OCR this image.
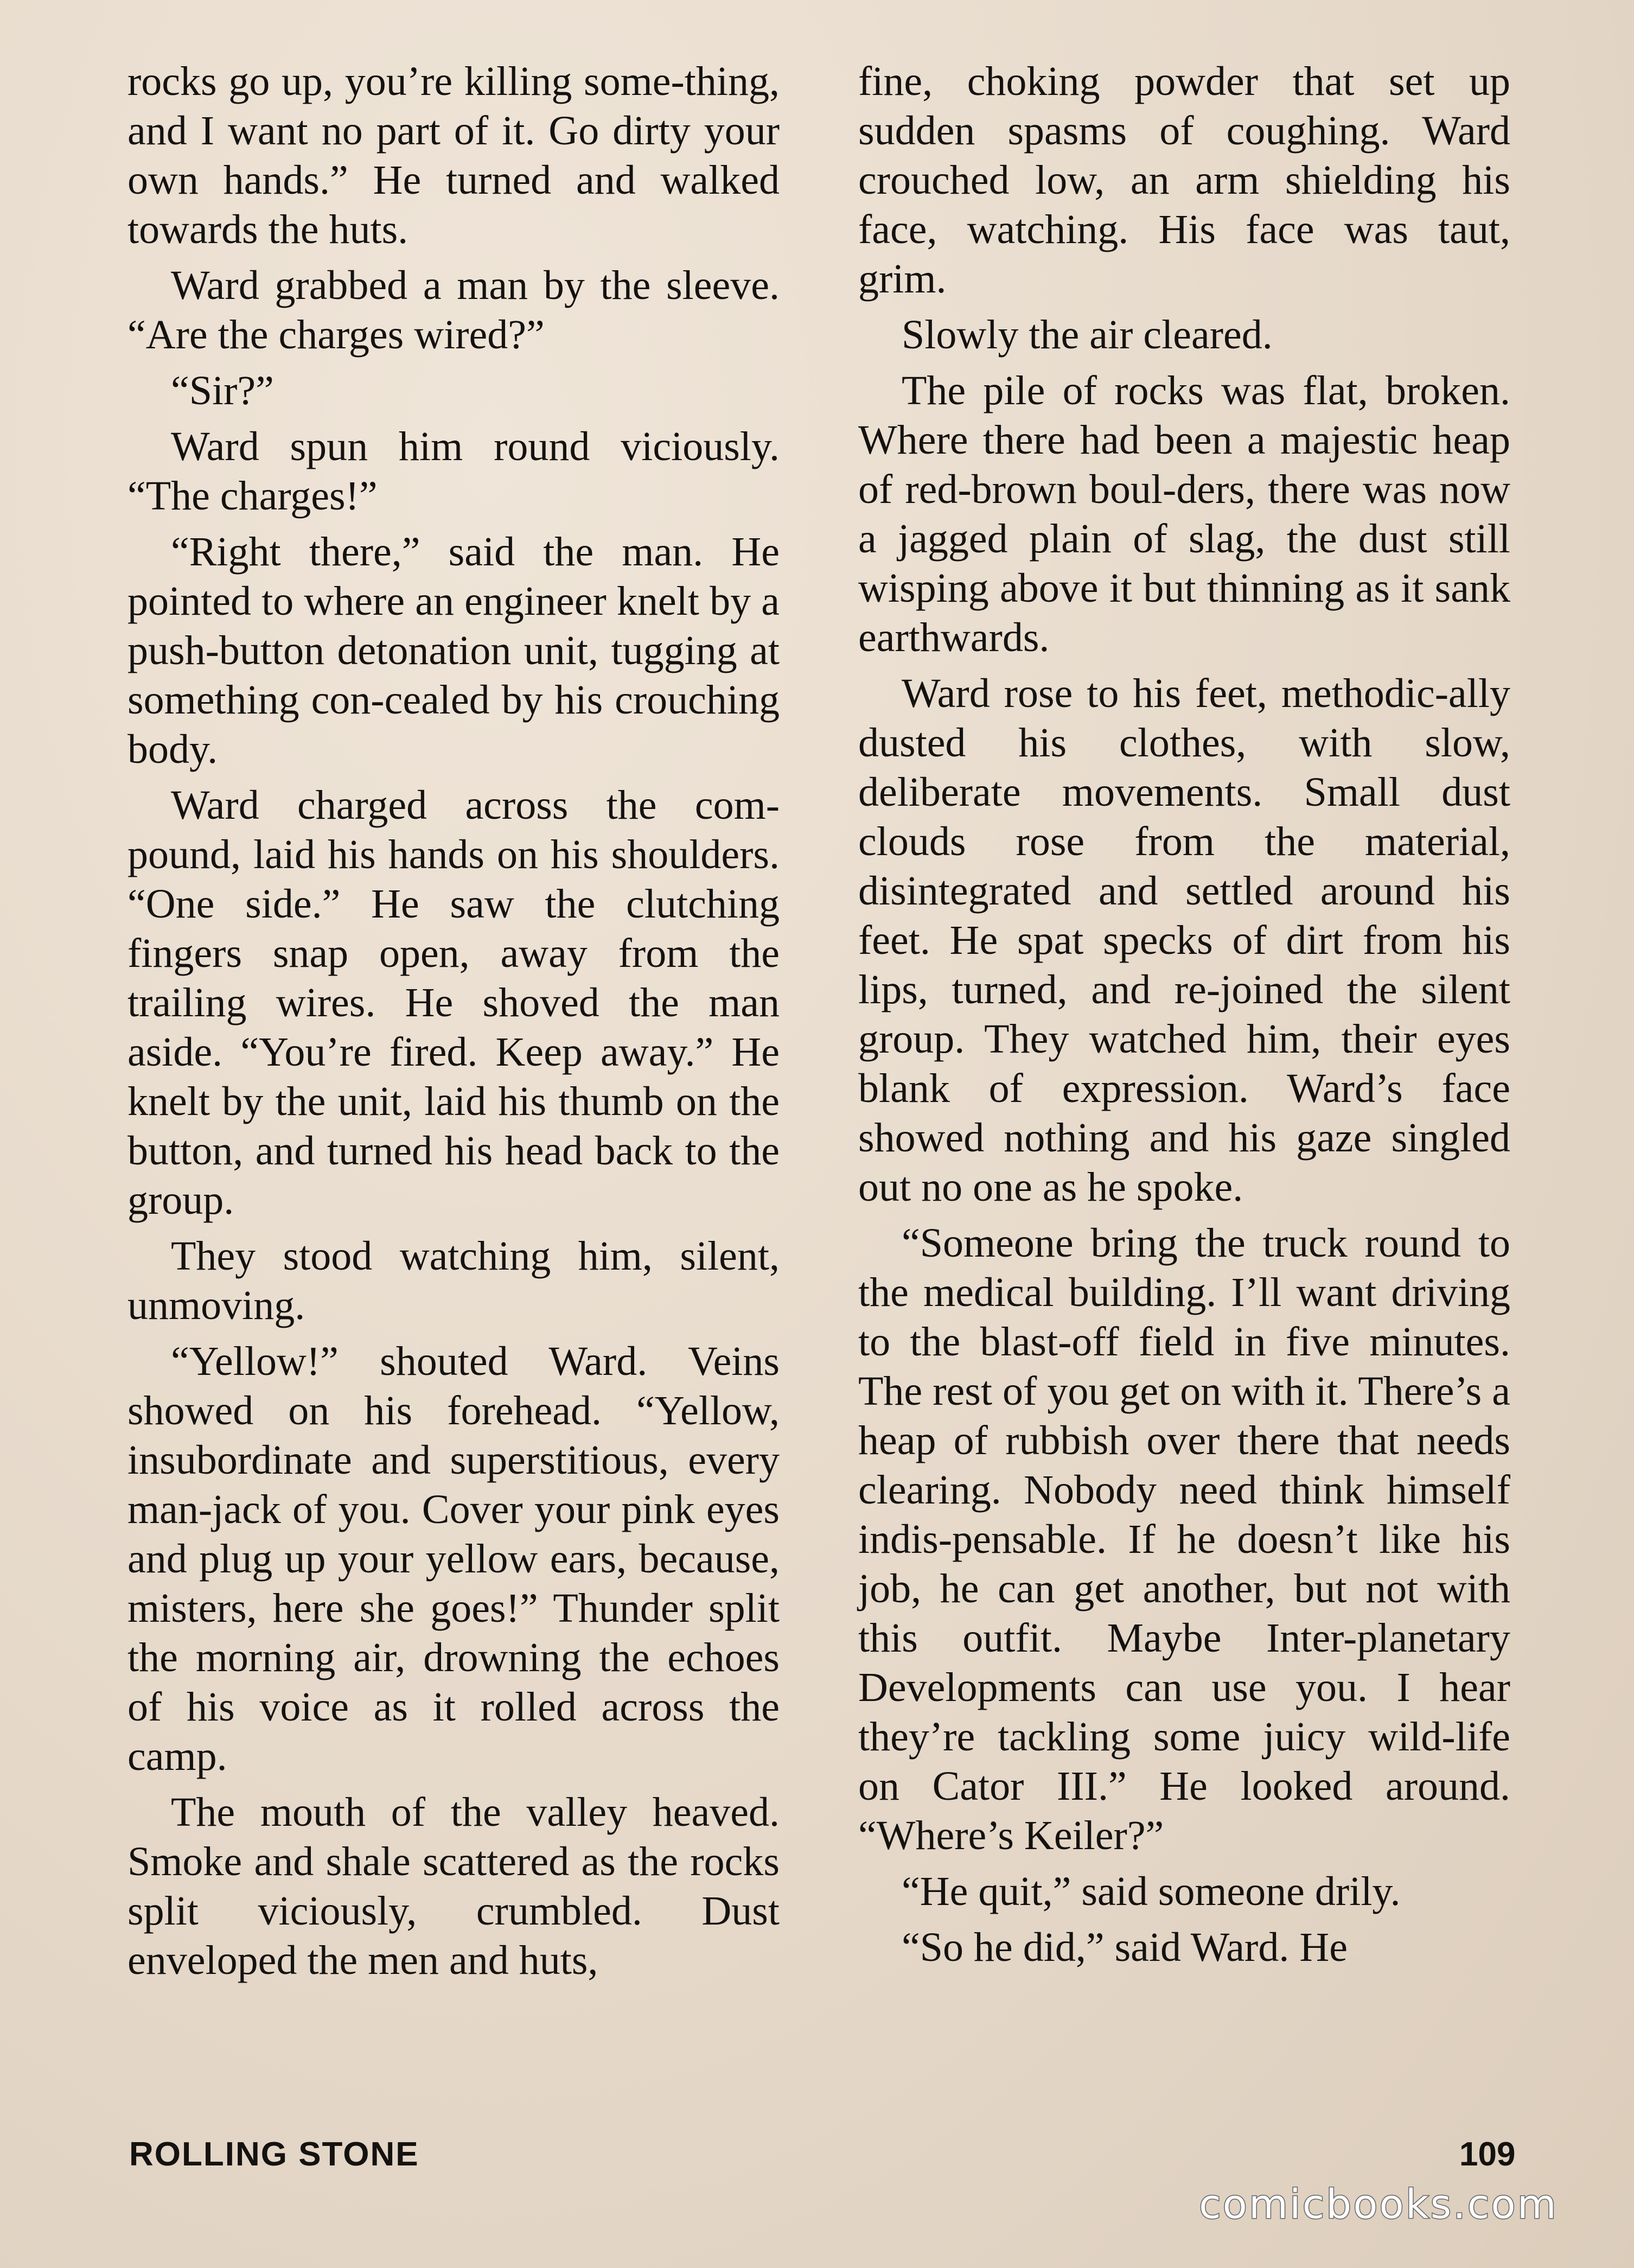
rocks go up, you’re killing some-thing, and I want no part of it. Go dirty your own hands.” He turned and walked towards the huts.

Ward grabbed a man by the sleeve. “Are the charges wired?”

“Sir?”

Ward spun him round viciously. “The charges!”

“Right there,” said the man. He pointed to where an engineer knelt by a push-button detonation unit, tugging at something con-cealed by his crouching body.

Ward charged across the com-pound, laid his hands on his shoulders. “One side.” He saw the clutching fingers snap open, away from the trailing wires. He shoved the man aside. “You’re fired. Keep away.” He knelt by the unit, laid his thumb on the button, and turned his head back to the group.

They stood watching him, silent, unmoving.

“Yellow!” shouted Ward. Veins showed on his forehead. “Yellow, insubordinate and superstitious, every man-jack of you. Cover your pink eyes and plug up your yellow ears, because, misters, here she goes!” Thunder split the morning air, drowning the echoes of his voice as it rolled across the camp.

The mouth of the valley heaved. Smoke and shale scattered as the rocks split viciously, crumbled. Dust enveloped the men and huts,

fine, choking powder that set up sudden spasms of coughing. Ward crouched low, an arm shielding his face, watching. His face was taut, grim.

Slowly the air cleared.

The pile of rocks was flat, broken. Where there had been a majestic heap of red-brown boul-ders, there was now a jagged plain of slag, the dust still wisping above it but thinning as it sank earthwards.

Ward rose to his feet, methodic-ally dusted his clothes, with slow, deliberate movements. Small dust clouds rose from the material, disintegrated and settled around his feet. He spat specks of dirt from his lips, turned, and re-joined the silent group. They watched him, their eyes blank of expression. Ward’s face showed nothing and his gaze singled out no one as he spoke.

“Someone bring the truck round to the medical building. I’ll want driving to the blast-off field in five minutes. The rest of you get on with it. There’s a heap of rubbish over there that needs clearing. Nobody need think himself indis-pensable. If he doesn’t like his job, he can get another, but not with this outfit. Maybe Inter-planetary Developments can use you. I hear they’re tackling some juicy wild-life on Cator III.” He looked around. “Where’s Keiler?”

“He quit,” said someone drily.

“So he did,” said Ward. He

ROLLING STONE	109
comicbooks.com
